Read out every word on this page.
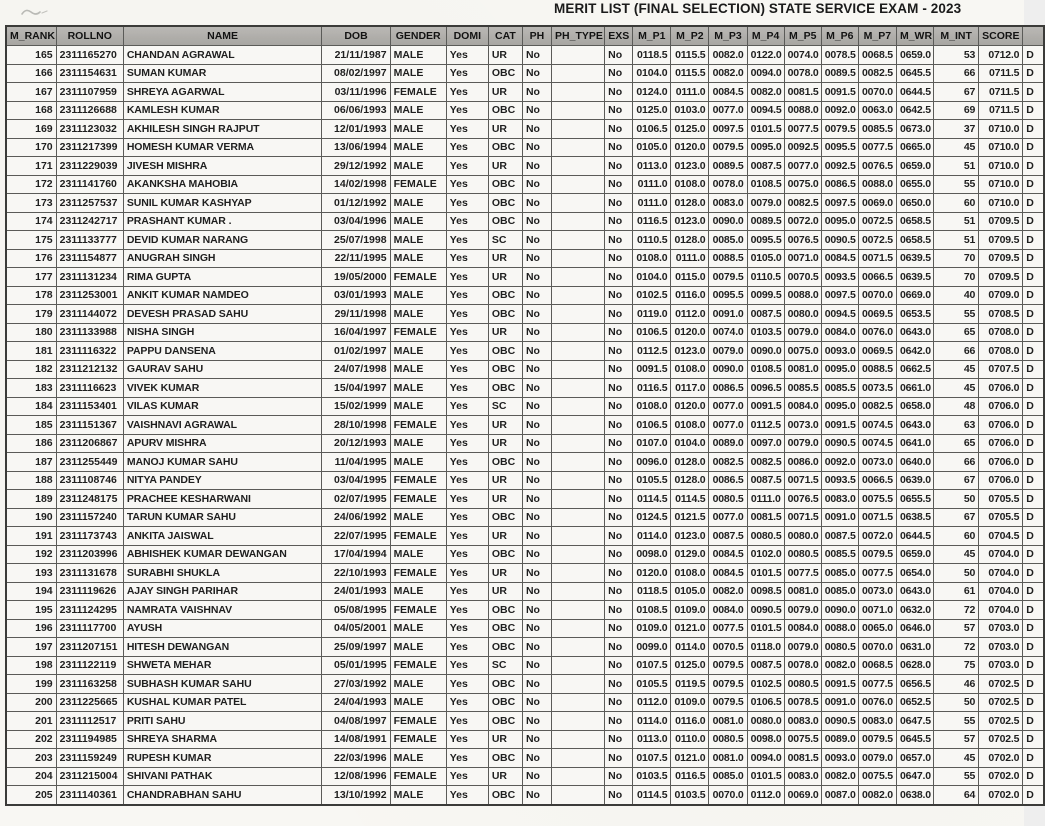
MERIT LIST (FINAL SELECTION) STATE SERVICE EXAM - 2023
M_RANK	ROLLNO	NAME	DOB	GENDER	DOMI	CAT	PH	PH_TYPE	EXS	M_P1	M_P2	M_P3	M_P4	M_P5	M_P6	M_P7	M_WR	M_INT	SCORE	
165	2311165270	CHANDAN AGRAWAL	21/11/1987	MALE	Yes	UR	No		No	0118.5	0115.5	0082.0	0122.0	0074.0	0078.5	0068.5	0659.0	53	0712.0	D
166	2311154631	SUMAN KUMAR	08/02/1997	MALE	Yes	OBC	No		No	0104.0	0115.5	0082.0	0094.0	0078.0	0089.5	0082.5	0645.5	66	0711.5	D
167	2311107959	SHREYA AGARWAL	03/11/1996	FEMALE	Yes	UR	No		No	0124.0	0111.0	0084.5	0082.0	0081.5	0091.5	0070.0	0644.5	67	0711.5	D
168	2311126688	KAMLESH KUMAR	06/06/1993	MALE	Yes	OBC	No		No	0125.0	0103.0	0077.0	0094.5	0088.0	0092.0	0063.0	0642.5	69	0711.5	D
169	2311123032	AKHILESH SINGH RAJPUT	12/01/1993	MALE	Yes	UR	No		No	0106.5	0125.0	0097.5	0101.5	0077.5	0079.5	0085.5	0673.0	37	0710.0	D
170	2311217399	HOMESH KUMAR VERMA	13/06/1994	MALE	Yes	OBC	No		No	0105.0	0120.0	0079.5	0095.0	0092.5	0095.5	0077.5	0665.0	45	0710.0	D
171	2311229039	JIVESH MISHRA	29/12/1992	MALE	Yes	UR	No		No	0113.0	0123.0	0089.5	0087.5	0077.0	0092.5	0076.5	0659.0	51	0710.0	D
172	2311141760	AKANKSHA MAHOBIA	14/02/1998	FEMALE	Yes	OBC	No		No	0111.0	0108.0	0078.0	0108.5	0075.0	0086.5	0088.0	0655.0	55	0710.0	D
173	2311257537	SUNIL KUMAR KASHYAP	01/12/1992	MALE	Yes	OBC	No		No	0111.0	0128.0	0083.0	0079.0	0082.5	0097.5	0069.0	0650.0	60	0710.0	D
174	2311242717	PRASHANT KUMAR .	03/04/1996	MALE	Yes	OBC	No		No	0116.5	0123.0	0090.0	0089.5	0072.0	0095.0	0072.5	0658.5	51	0709.5	D
175	2311133777	DEVID KUMAR NARANG	25/07/1998	MALE	Yes	SC	No		No	0110.5	0128.0	0085.0	0095.5	0076.5	0090.5	0072.5	0658.5	51	0709.5	D
176	2311154877	ANUGRAH SINGH	22/11/1995	MALE	Yes	UR	No		No	0108.0	0111.0	0088.5	0105.0	0071.0	0084.5	0071.5	0639.5	70	0709.5	D
177	2311131234	RIMA GUPTA	19/05/2000	FEMALE	Yes	UR	No		No	0104.0	0115.0	0079.5	0110.5	0070.5	0093.5	0066.5	0639.5	70	0709.5	D
178	2311253001	ANKIT KUMAR NAMDEO	03/01/1993	MALE	Yes	OBC	No		No	0102.5	0116.0	0095.5	0099.5	0088.0	0097.5	0070.0	0669.0	40	0709.0	D
179	2311144072	DEVESH PRASAD SAHU	29/11/1998	MALE	Yes	OBC	No		No	0119.0	0112.0	0091.0	0087.5	0080.0	0094.5	0069.5	0653.5	55	0708.5	D
180	2311133988	NISHA SINGH	16/04/1997	FEMALE	Yes	UR	No		No	0106.5	0120.0	0074.0	0103.5	0079.0	0084.0	0076.0	0643.0	65	0708.0	D
181	2311116322	PAPPU DANSENA	01/02/1997	MALE	Yes	OBC	No		No	0112.5	0123.0	0079.0	0090.0	0075.0	0093.0	0069.5	0642.0	66	0708.0	D
182	2311212132	GAURAV SAHU	24/07/1998	MALE	Yes	OBC	No		No	0091.5	0108.0	0090.0	0108.5	0081.0	0095.0	0088.5	0662.5	45	0707.5	D
183	2311116623	VIVEK KUMAR	15/04/1997	MALE	Yes	OBC	No		No	0116.5	0117.0	0086.5	0096.5	0085.5	0085.5	0073.5	0661.0	45	0706.0	D
184	2311153401	VILAS KUMAR	15/02/1999	MALE	Yes	SC	No		No	0108.0	0120.0	0077.0	0091.5	0084.0	0095.0	0082.5	0658.0	48	0706.0	D
185	2311151367	VAISHNAVI AGRAWAL	28/10/1998	FEMALE	Yes	UR	No		No	0106.5	0108.0	0077.0	0112.5	0073.0	0091.5	0074.5	0643.0	63	0706.0	D
186	2311206867	APURV MISHRA	20/12/1993	MALE	Yes	UR	No		No	0107.0	0104.0	0089.0	0097.0	0079.0	0090.5	0074.5	0641.0	65	0706.0	D
187	2311255449	MANOJ KUMAR SAHU	11/04/1995	MALE	Yes	OBC	No		No	0096.0	0128.0	0082.5	0082.5	0086.0	0092.0	0073.0	0640.0	66	0706.0	D
188	2311108746	NITYA PANDEY	03/04/1995	FEMALE	Yes	UR	No		No	0105.5	0128.0	0086.5	0087.5	0071.5	0093.5	0066.5	0639.0	67	0706.0	D
189	2311248175	PRACHEE KESHARWANI	02/07/1995	FEMALE	Yes	UR	No		No	0114.5	0114.5	0080.5	0111.0	0076.5	0083.0	0075.5	0655.5	50	0705.5	D
190	2311157240	TARUN KUMAR SAHU	24/06/1992	MALE	Yes	OBC	No		No	0124.5	0121.5	0077.0	0081.5	0071.5	0091.0	0071.5	0638.5	67	0705.5	D
191	2311173743	ANKITA JAISWAL	22/07/1995	FEMALE	Yes	UR	No		No	0114.0	0123.0	0087.5	0080.5	0080.0	0087.5	0072.0	0644.5	60	0704.5	D
192	2311203996	ABHISHEK KUMAR DEWANGAN	17/04/1994	MALE	Yes	OBC	No		No	0098.0	0129.0	0084.5	0102.0	0080.5	0085.5	0079.5	0659.0	45	0704.0	D
193	2311131678	SURABHI SHUKLA	22/10/1993	FEMALE	Yes	UR	No		No	0120.0	0108.0	0084.5	0101.5	0077.5	0085.0	0077.5	0654.0	50	0704.0	D
194	2311119626	AJAY SINGH PARIHAR	24/01/1993	MALE	Yes	UR	No		No	0118.5	0105.0	0082.0	0098.5	0081.0	0085.0	0073.0	0643.0	61	0704.0	D
195	2311124295	NAMRATA VAISHNAV	05/08/1995	FEMALE	Yes	OBC	No		No	0108.5	0109.0	0084.0	0090.5	0079.0	0090.0	0071.0	0632.0	72	0704.0	D
196	2311117700	AYUSH	04/05/2001	MALE	Yes	OBC	No		No	0109.0	0121.0	0077.5	0101.5	0084.0	0088.0	0065.0	0646.0	57	0703.0	D
197	2311207151	HITESH DEWANGAN	25/09/1997	MALE	Yes	OBC	No		No	0099.0	0114.0	0070.5	0118.0	0079.0	0080.5	0070.0	0631.0	72	0703.0	D
198	2311122119	SHWETA MEHAR	05/01/1995	FEMALE	Yes	SC	No		No	0107.5	0125.0	0079.5	0087.5	0078.0	0082.0	0068.5	0628.0	75	0703.0	D
199	2311163258	SUBHASH KUMAR SAHU	27/03/1992	MALE	Yes	OBC	No		No	0105.5	0119.5	0079.5	0102.5	0080.5	0091.5	0077.5	0656.5	46	0702.5	D
200	2311225665	KUSHAL KUMAR PATEL	24/04/1993	MALE	Yes	OBC	No		No	0112.0	0109.0	0079.5	0106.5	0078.5	0091.0	0076.0	0652.5	50	0702.5	D
201	2311112517	PRITI SAHU	04/08/1997	FEMALE	Yes	OBC	No		No	0114.0	0116.0	0081.0	0080.0	0083.0	0090.5	0083.0	0647.5	55	0702.5	D
202	2311194985	SHREYA SHARMA	14/08/1991	FEMALE	Yes	UR	No		No	0113.0	0110.0	0080.5	0098.0	0075.5	0089.0	0079.5	0645.5	57	0702.5	D
203	2311159249	RUPESH KUMAR	22/03/1996	MALE	Yes	OBC	No		No	0107.5	0121.0	0081.0	0094.0	0081.5	0093.0	0079.0	0657.0	45	0702.0	D
204	2311215004	SHIVANI PATHAK	12/08/1996	FEMALE	Yes	UR	No		No	0103.5	0116.5	0085.0	0101.5	0083.0	0082.0	0075.5	0647.0	55	0702.0	D
205	2311140361	CHANDRABHAN SAHU	13/10/1992	MALE	Yes	OBC	No		No	0114.5	0103.5	0070.0	0112.0	0069.0	0087.0	0082.0	0638.0	64	0702.0	D
